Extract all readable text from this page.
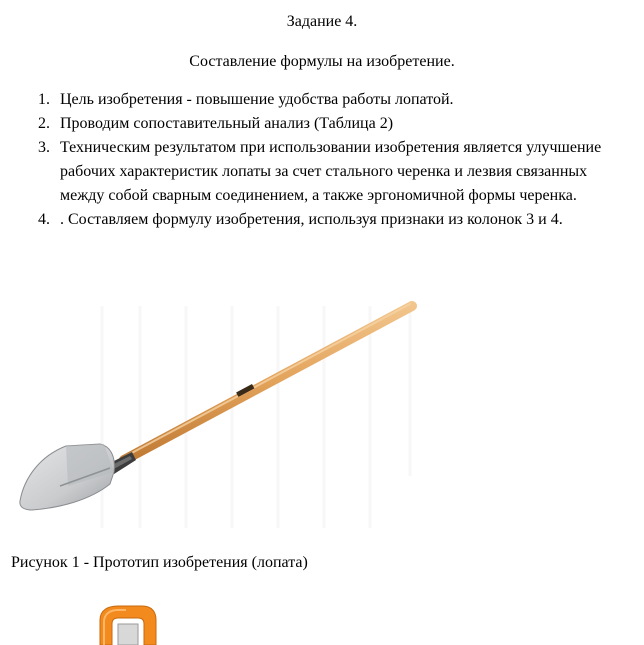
Задание 4.
Составление формулы на изобретение.
1. Цель изобретения - повышение удобства работы лопатой.
2. Проводим сопоставительный анализ (Таблица 2)
3. Техническим результатом при использовании изобретения является улучшение рабочих характеристик лопаты за счет стального черенка и лезвия связанных между собой сварным соединением, а также эргономичной формы черенка.
4. . Составляем формулу изобретения, используя признаки из колонок 3 и 4.
Рисунок 1 - Прототип изобретения (лопата)
